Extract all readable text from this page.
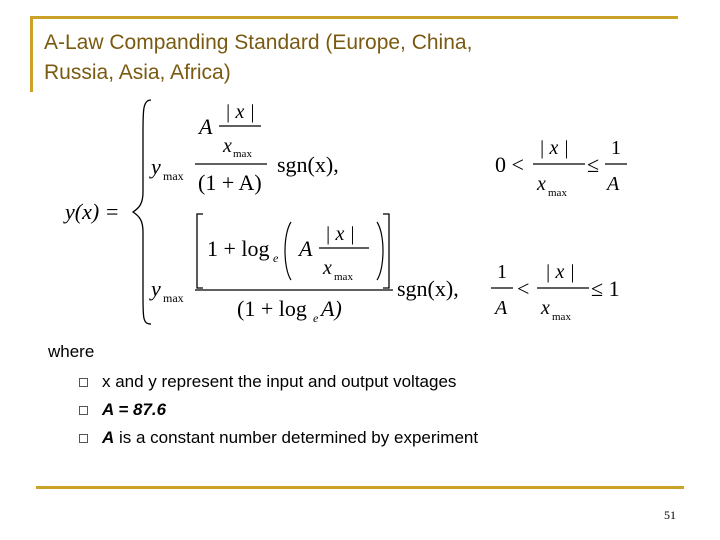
A-Law Companding Standard (Europe, China,
Russia, Asia, Africa)
y(x) =
y max
A
| x |
x max
(1 + A)
sgn(x),	0 <
| x |
x max
≤
1
A
y max
1 + log e A
| x |
x max
(1 + log e A)
sgn(x),
1
A
<
| x |
x max
≤ 1
where
x and y represent the input and output voltages
A = 87.6
A is a constant number determined by experiment
51
